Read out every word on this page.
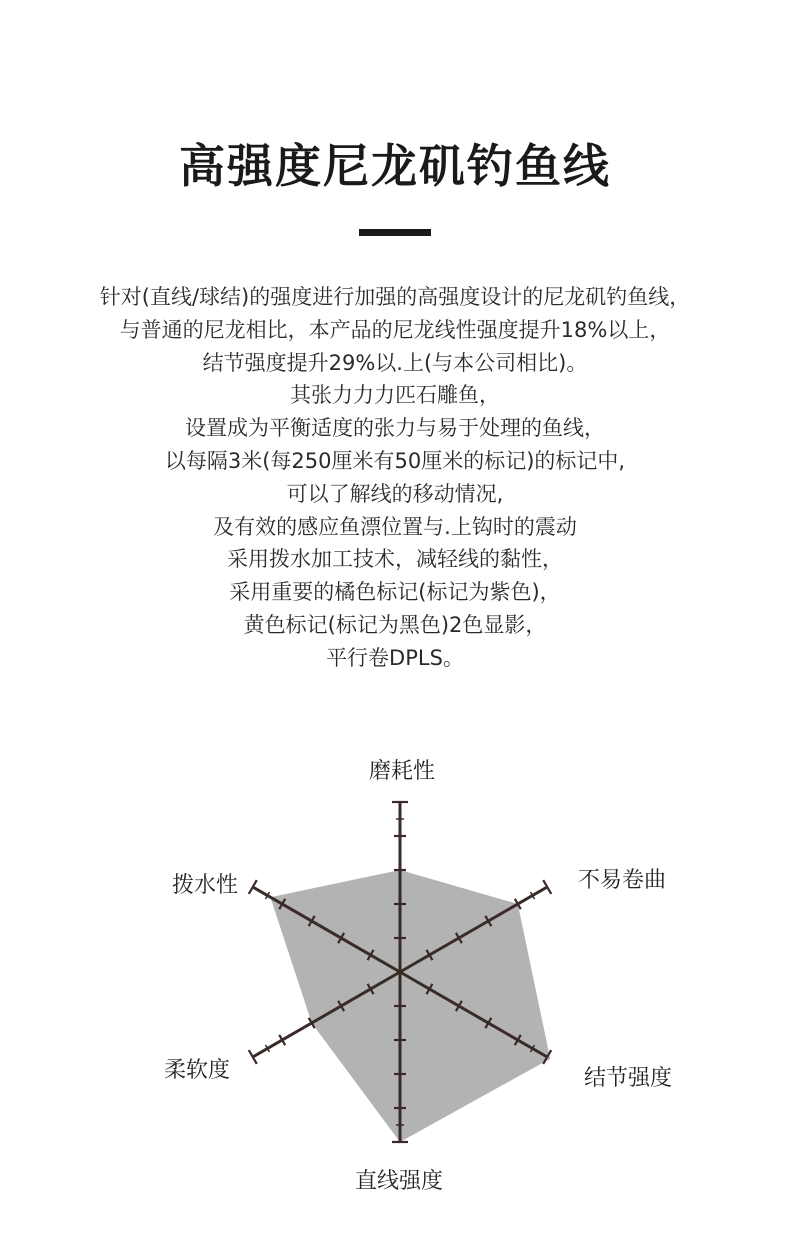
高强度尼龙矶钓鱼线
针对(直线/球结)的强度进行加强的高强度设计的尼龙矶钓鱼线，
与普通的尼龙相比，本产品的尼龙线性强度提升18%以上，
结节强度提升29%以.上(与本公司相比)。
其张力力力匹石雕鱼，
设置成为平衡适度的张力与易于处理的鱼线，
以每隔3米(每250厘米有50厘米的标记)的标记中,
可以了解线的移动情况,
及有效的感应鱼漂位置与.上钩时的震动
采用拨水加工技术，减轻线的黏性，
采用重要的橘色标记(标记为紫色)，
黄色标记(标记为黑色)2色显影，
平行卷DPLS。
磨耗性
不易卷曲
结节强度
直线强度
柔软度
拨水性
